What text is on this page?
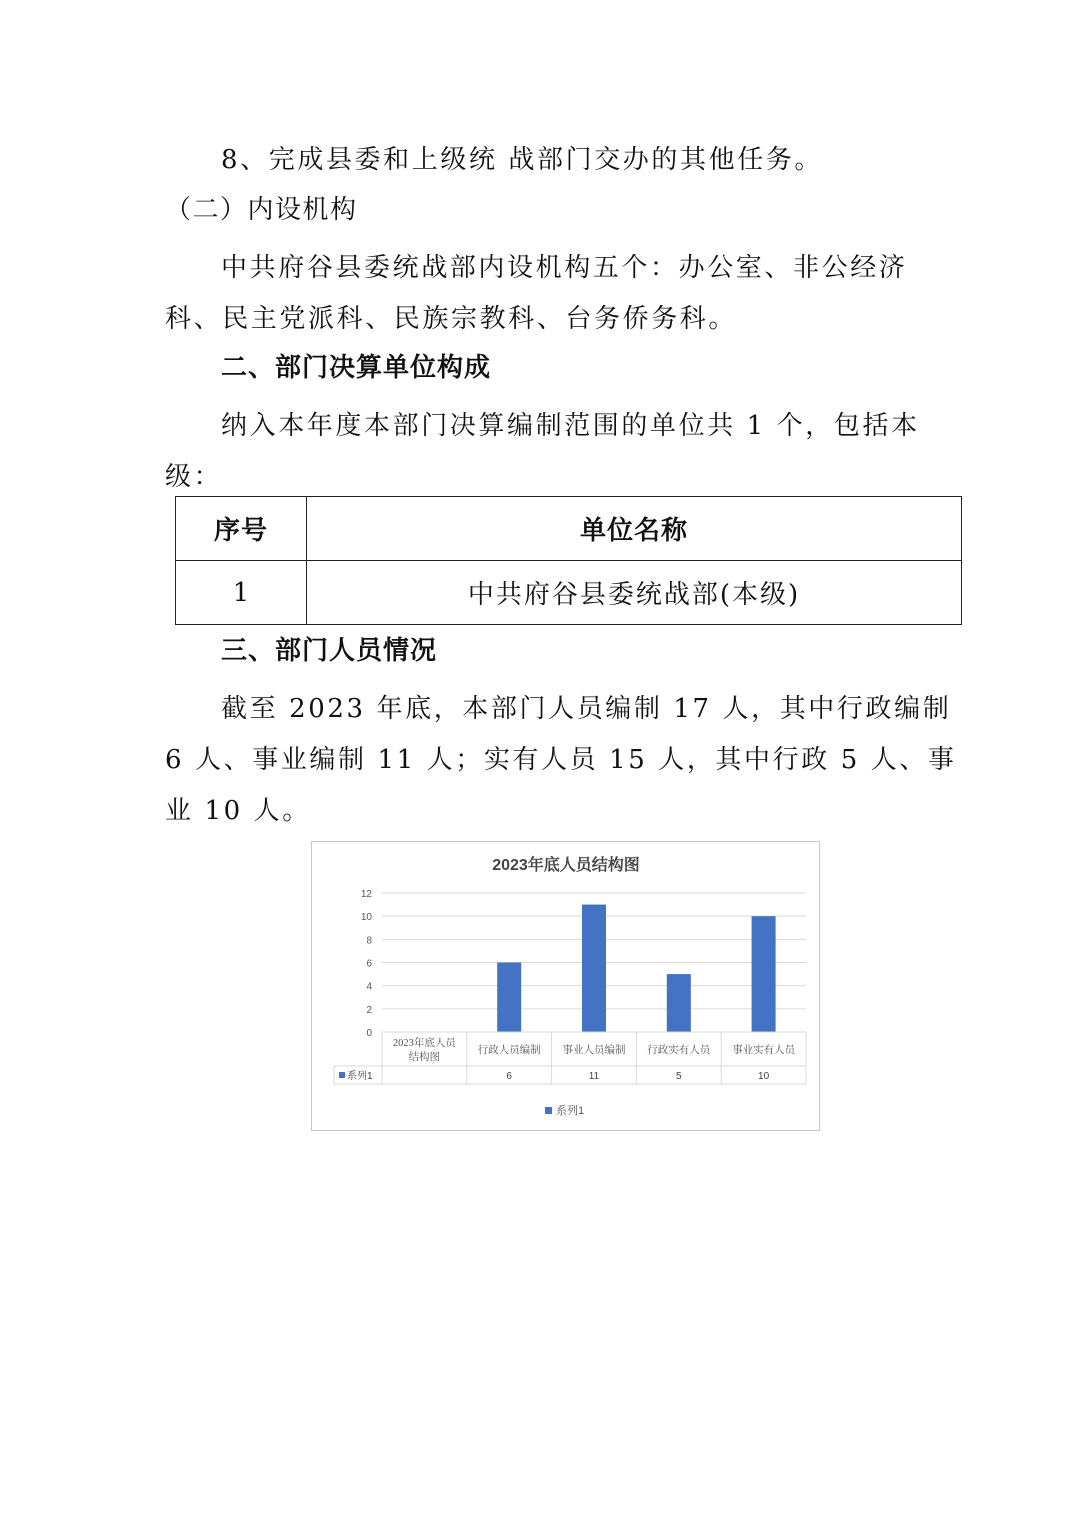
8、完成县委和上级统 战部门交办的其他任务。
（二）内设机构
中共府谷县委统战部内设机构五个：办公室、非公经济
科、民主党派科、民族宗教科、台务侨务科。
二、部门决算单位构成
纳入本年度本部门决算编制范围的单位共 1 个，包括本
级：
序号	单位名称
1	中共府谷县委统战部(本级)
三、部门人员情况
截至 2023 年底，本部门人员编制 17 人，其中行政编制
6 人、事业编制 11 人；实有人员 15 人，其中行政 5 人、事
业 10 人。
2023年底人员结构图
0
2
4
6
8
10
12
2023年底人员
结构图
行政人员编制
6
事业人员编制
11
行政实有人员
5
事业实有人员
10
系列1
系列1
